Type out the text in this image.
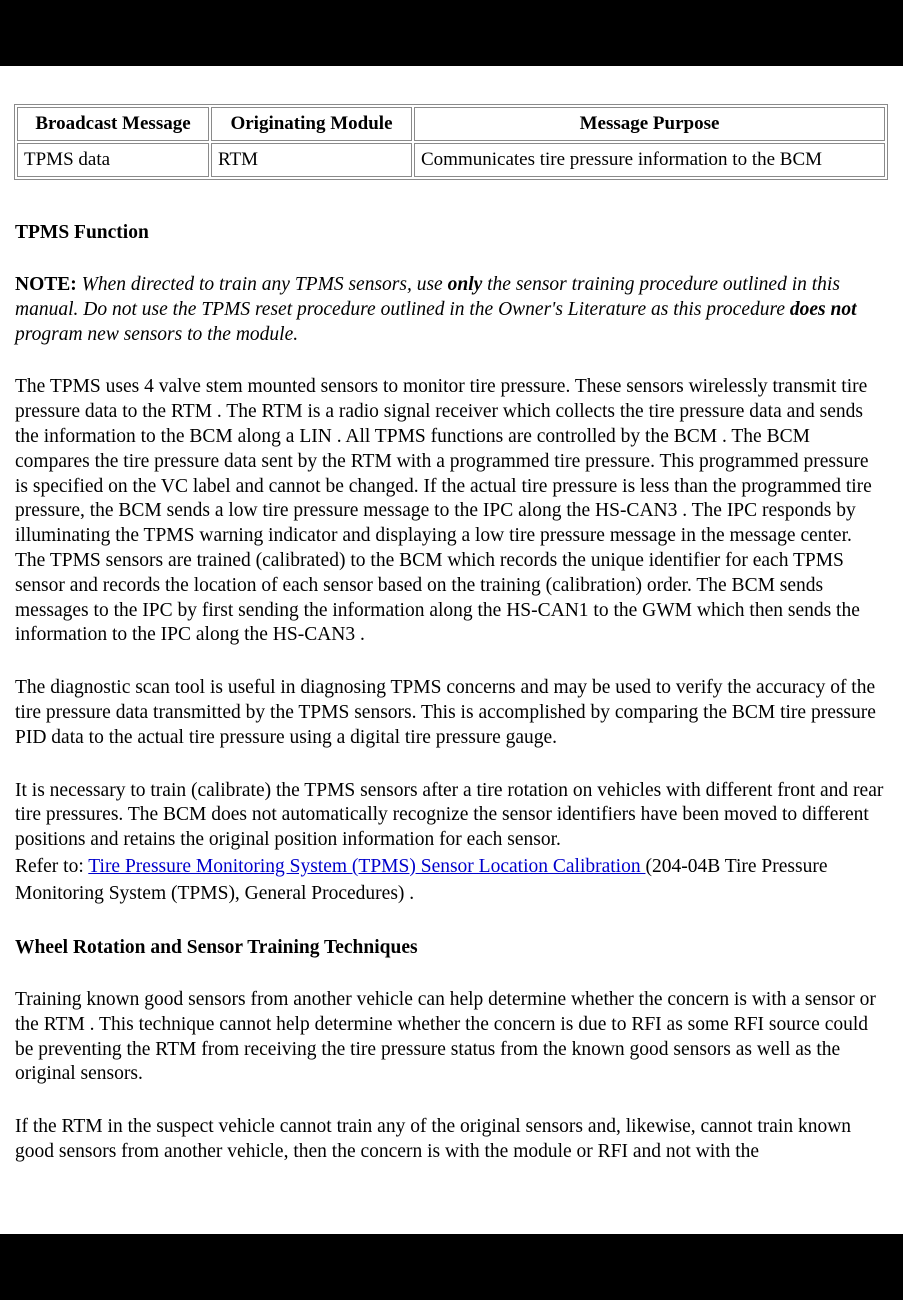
Broadcast Message	Originating Module	Message Purpose
TPMS data	RTM	Communicates tire pressure information to the BCM
TPMS Function

NOTE: When directed to train any TPMS sensors, use only the sensor training procedure outlined in this manual. Do not use the TPMS reset procedure outlined in the Owner's Literature as this procedure does not program new sensors to the module.

The TPMS uses 4 valve stem mounted sensors to monitor tire pressure. These sensors wirelessly transmit tire pressure data to the RTM . The RTM is a radio signal receiver which collects the tire pressure data and sends the information to the BCM along a LIN . All TPMS functions are controlled by the BCM . The BCM compares the tire pressure data sent by the RTM with a programmed tire pressure. This programmed pressure is specified on the VC label and cannot be changed. If the actual tire pressure is less than the programmed tire pressure, the BCM sends a low tire pressure message to the IPC along the HS-CAN3 . The IPC responds by illuminating the TPMS warning indicator and displaying a low tire pressure message in the message center. The TPMS sensors are trained (calibrated) to the BCM which records the unique identifier for each TPMS sensor and records the location of each sensor based on the training (calibration) order. The BCM sends messages to the IPC by first sending the information along the HS-CAN1 to the GWM which then sends the information to the IPC along the HS-CAN3 .

The diagnostic scan tool is useful in diagnosing TPMS concerns and may be used to verify the accuracy of the tire pressure data transmitted by the TPMS sensors. This is accomplished by comparing the BCM tire pressure PID data to the actual tire pressure using a digital tire pressure gauge.

It is necessary to train (calibrate) the TPMS sensors after a tire rotation on vehicles with different front and rear tire pressures. The BCM does not automatically recognize the sensor identifiers have been moved to different positions and retains the original position information for each sensor.

Refer to: Tire Pressure Monitoring System (TPMS) Sensor Location Calibration (204-04B Tire Pressure Monitoring System (TPMS), General Procedures) .

Wheel Rotation and Sensor Training Techniques

Training known good sensors from another vehicle can help determine whether the concern is with a sensor or the RTM . This technique cannot help determine whether the concern is due to RFI as some RFI source could be preventing the RTM from receiving the tire pressure status from the known good sensors as well as the original sensors.

If the RTM in the suspect vehicle cannot train any of the original sensors and, likewise, cannot train known good sensors from another vehicle, then the concern is with the module or RFI and not with the
